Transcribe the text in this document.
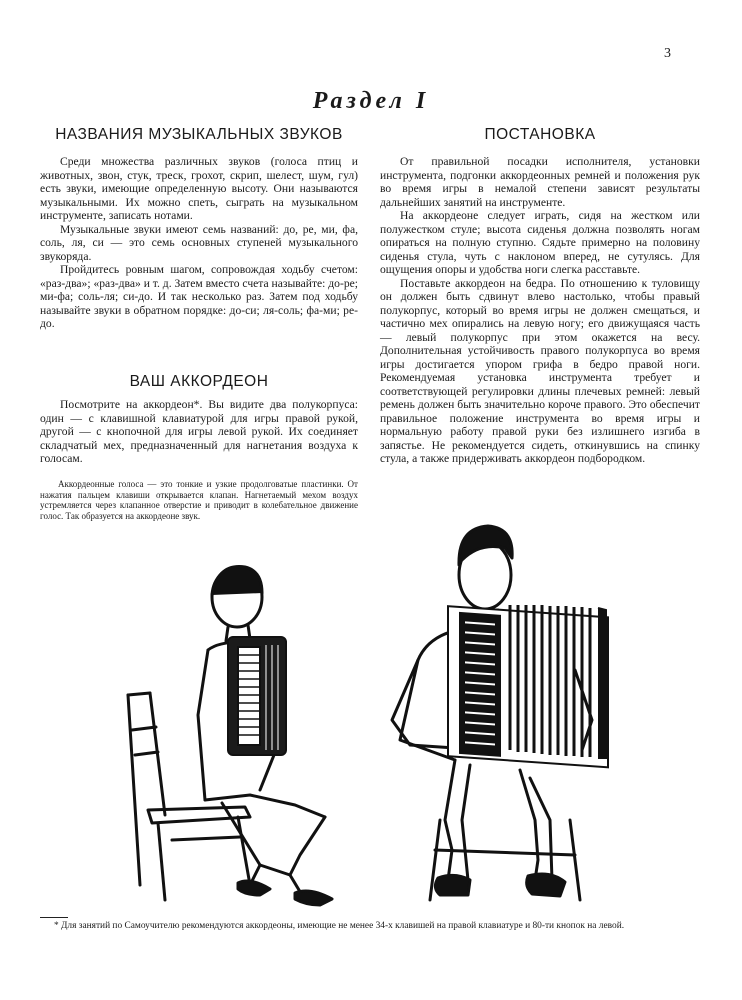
3
Раздел I
НАЗВАНИЯ МУЗЫКАЛЬНЫХ ЗВУКОВ

Среди множества различных звуков (голоса птиц и животных, звон, стук, треск, грохот, скрип, шелест, шум, гул) есть звуки, имеющие определенную высоту. Они называются музыкальными. Их можно спеть, сыграть на музыкальном инструменте, записать нотами.

Музыкальные звуки имеют семь названий: до, ре, ми, фа, соль, ля, си — это семь основных ступеней музыкального звукоряда.

Пройдитесь ровным шагом, сопровождая ходьбу счетом: «раз-два»; «раз-два» и т. д. Затем вместо счета называйте: до-ре; ми-фа; соль-ля; си-до. И так несколько раз. Затем под ходьбу называйте звуки в обратном порядке: до-си; ля-соль; фа-ми; ре-до.

ВАШ АККОРДЕОН

Посмотрите на аккордеон*. Вы видите два полукорпуса: один — с клавишной клавиатурой для игры правой рукой, другой — с кнопочной для игры левой рукой. Их соединяет складчатый мех, предназначенный для нагнетания воздуха к голосам.

Аккордеонные голоса — это тонкие и узкие продолговатые пластинки. От нажатия пальцем клавиши открывается клапан. Нагнетаемый мехом воздух устремляется через клапанное отверстие и приводит в колебательное движение голос. Так образуется на аккордеоне звук.

ПОСТАНОВКА

От правильной посадки исполнителя, установки инструмента, подгонки аккордеонных ремней и положения рук во время игры в немалой степени зависят результаты дальнейших занятий на инструменте.

На аккордеоне следует играть, сидя на жестком или полужестком стуле; высота сиденья должна позволять ногам опираться на полную ступню. Сядьте примерно на половину сиденья стула, чуть с наклоном вперед, не сутулясь. Для ощущения опоры и удобства ноги слегка расставьте.

Поставьте аккордеон на бедра. По отношению к туловищу он должен быть сдвинут влево настолько, чтобы правый полукорпус, который во время игры не должен смещаться, и частично мех опирались на левую ногу; его движущаяся часть — левый полукорпус при этом окажется на весу. Дополнительная устойчивость правого полукорпуса во время игры достигается упором грифа в бедро правой ноги. Рекомендуемая установка инструмента требует и соответствующей регулировки длины плечевых ремней: левый ремень должен быть значительно короче правого. Это обеспечит правильное положение инструмента во время игры и нормальную работу правой руки без излишнего изгиба в запястье. Не рекомендуется сидеть, откинувшись на спинку стула, а также придерживать аккордеон подбородком.

* Для занятий по Самоучителю рекомендуются аккордеоны, имеющие не менее 34-х клавишей на правой клавиатуре и 80-ти кнопок на левой.
